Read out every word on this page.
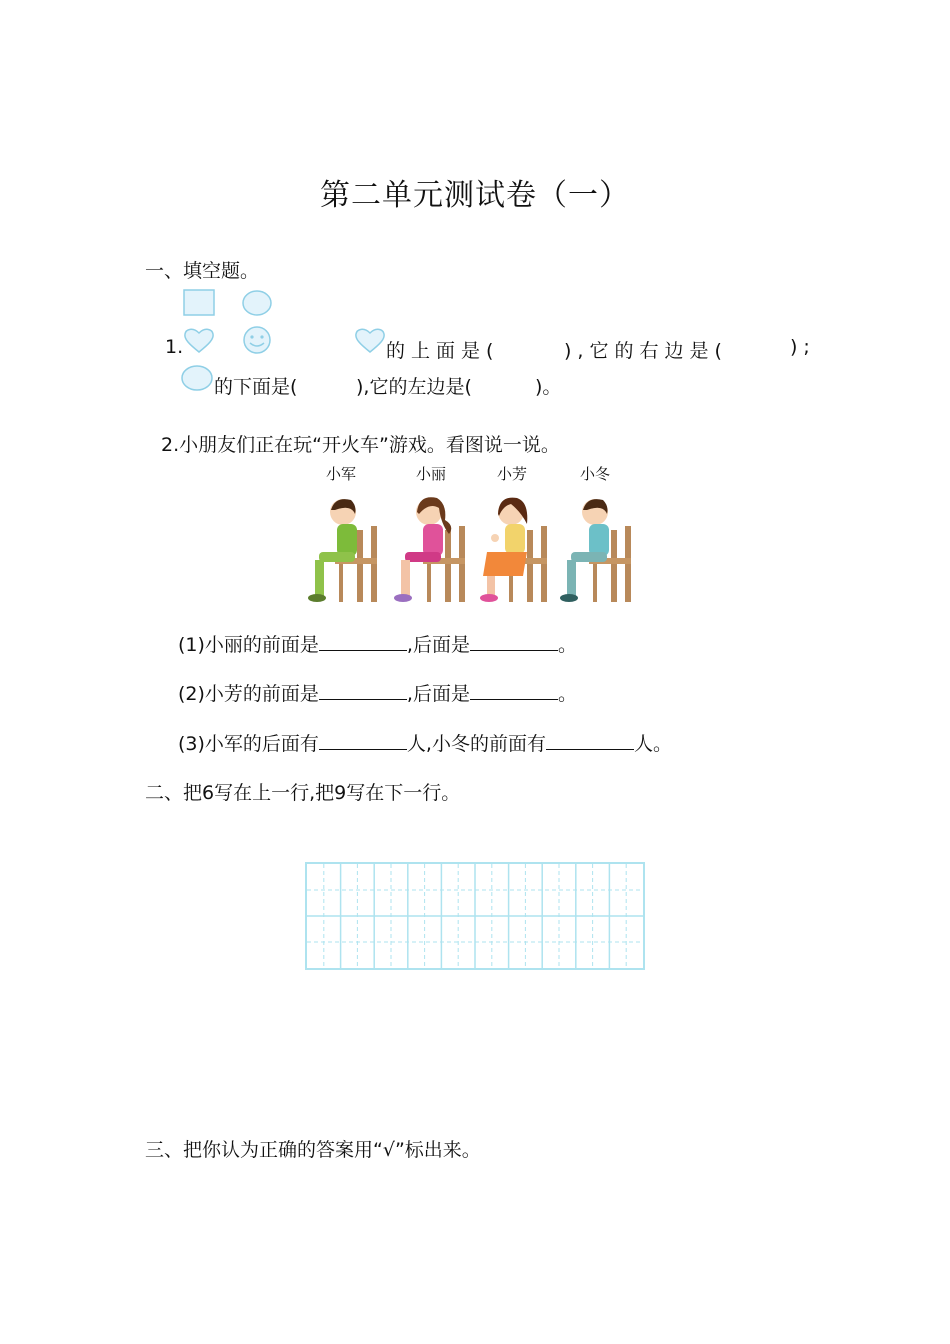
第二单元测试卷（一）
一、填空题。
1.	的上面是(	),它的右边是(	);
的下面是(	),它的左边是(	)。
2.小朋友们正在玩“开火车”游戏。看图说一说。
小军	小丽	小芳	小冬
(1)小丽的前面是	,后面是	。
(2)小芳的前面是	,后面是	。
(3)小军的后面有	人,小冬的前面有	人。
二、把6写在上一行,把9写在下一行。
三、把你认为正确的答案用“√”标出来。
